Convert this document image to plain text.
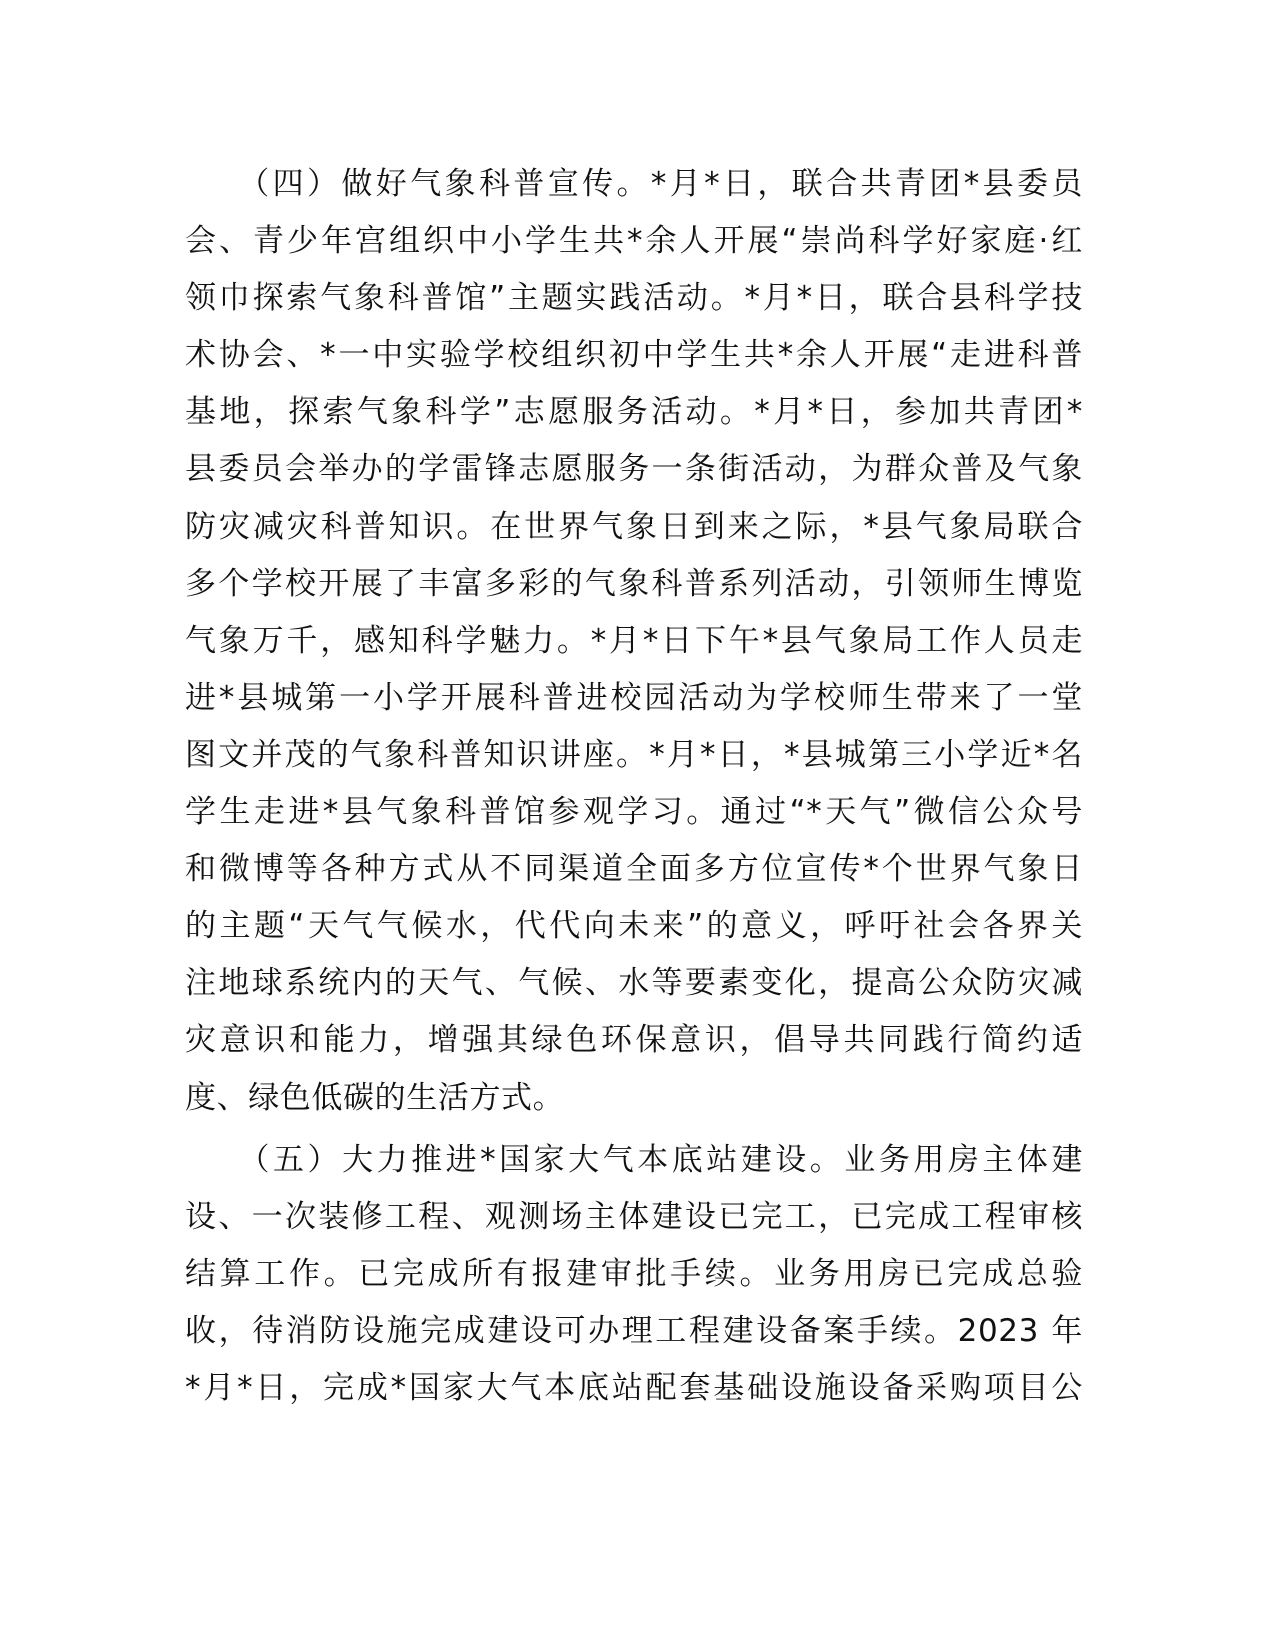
　　（四）做好气象科普宣传。*月*日，联合共青团*县委员
会、青少年宫组织中小学生共*余人开展“崇尚科学好家庭·红
领巾探索气象科普馆”主题实践活动。*月*日，联合县科学技
术协会、*一中实验学校组织初中学生共*余人开展“走进科普
基地，探索气象科学”志愿服务活动。*月*日，参加共青团*
县委员会举办的学雷锋志愿服务一条街活动，为群众普及气象
防灾减灾科普知识。在世界气象日到来之际，*县气象局联合
多个学校开展了丰富多彩的气象科普系列活动，引领师生博览
气象万千，感知科学魅力。*月*日下午*县气象局工作人员走
进*县城第一小学开展科普进校园活动为学校师生带来了一堂
图文并茂的气象科普知识讲座。*月*日，*县城第三小学近*名
学生走进*县气象科普馆参观学习。通过“*天气”微信公众号
和微博等各种方式从不同渠道全面多方位宣传*个世界气象日
的主题“天气气候水，代代向未来”的意义，呼吁社会各界关
注地球系统内的天气、气候、水等要素变化，提高公众防灾减
灾意识和能力，增强其绿色环保意识，倡导共同践行简约适
度、绿色低碳的生活方式。
　　（五）大力推进*国家大气本底站建设。业务用房主体建
设、一次装修工程、观测场主体建设已完工，已完成工程审核
结算工作。已完成所有报建审批手续。业务用房已完成总验
收，待消防设施完成建设可办理工程建设备案手续。2023 年
*月*日，完成*国家大气本底站配套基础设施设备采购项目公
